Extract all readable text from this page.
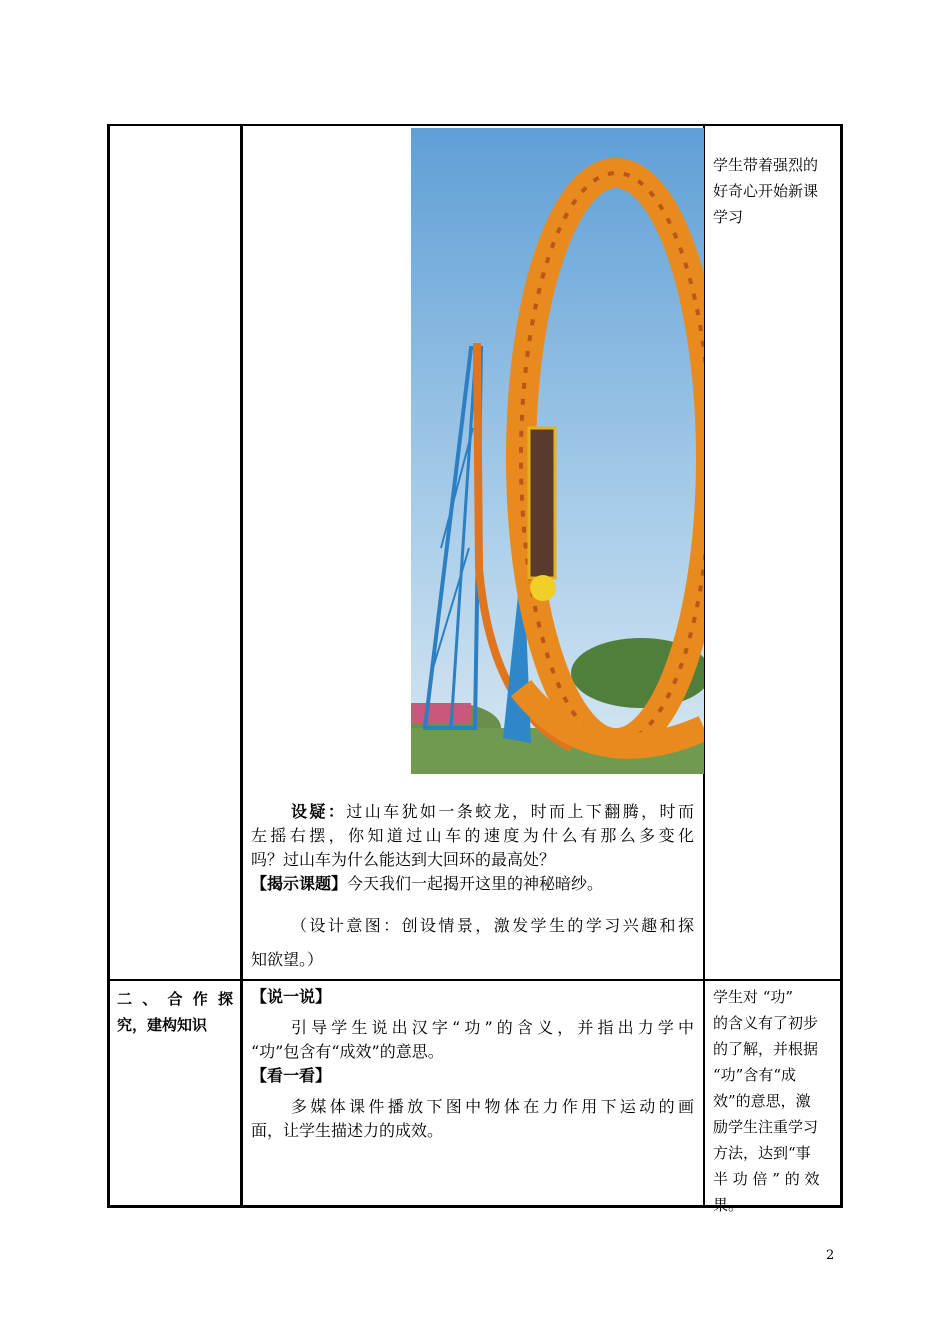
设疑：过山车犹如一条蛟龙，时而上下翻腾，时而

左摇右摆，你知道过山车的速度为什么有那么多变化

吗？过山车为什么能达到大回环的最高处？

【揭示课题】今天我们一起揭开这里的神秘暗纱。

（设计意图：创设情景，激发学生的学习兴趣和探

知欲望。）

学生带着强烈的

好奇心开始新课

学习

二、合作探

究，建构知识

【说一说】

引导学生说出汉字“功”的含义，并指出力学中

“功”包含有“成效”的意思。

【看一看】

多媒体课件播放下图中物体在力作用下运动的画

面，让学生描述力的成效。

学生对 “功”

的含义有了初步

的了解，并根据

“功”含有“成

效”的意思，激

励学生注重学习

方法，达到“事

半 功 倍 ” 的 效

果。

2
